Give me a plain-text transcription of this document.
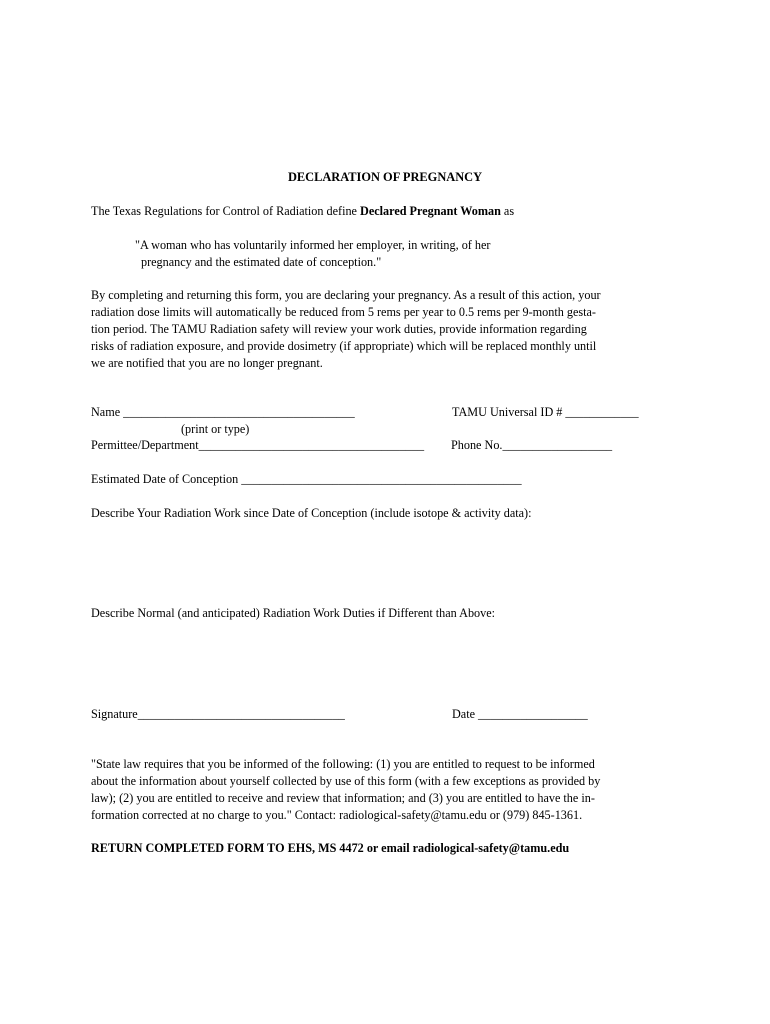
DECLARATION OF PREGNANCY
The Texas Regulations for Control of Radiation define Declared Pregnant Woman as
"A woman who has voluntarily informed her employer, in writing, of her
pregnancy and the estimated date of conception."
By completing and returning this form, you are declaring your pregnancy. As a result of this action, your
radiation dose limits will automatically be reduced from 5 rems per year to 0.5 rems per 9-month gesta-
tion period. The TAMU Radiation safety will review your work duties, provide information regarding
risks of radiation exposure, and provide dosimetry (if appropriate) which will be replaced monthly until
we are notified that you are no longer pregnant.
Name ______________________________________	TAMU Universal ID # ____________
(print or type)
Permittee/Department_____________________________________ Phone No.__________________
Estimated Date of Conception ______________________________________________
Describe Your Radiation Work since Date of Conception (include isotope & activity data):
Describe Normal (and anticipated) Radiation Work Duties if Different than Above:
Signature__________________________________	Date __________________
"State law requires that you be informed of the following: (1) you are entitled to request to be informed
about the information about yourself collected by use of this form (with a few exceptions as provided by
law); (2) you are entitled to receive and review that information; and (3) you are entitled to have the in-
formation corrected at no charge to you." Contact: radiological-safety@tamu.edu or (979) 845-1361.
RETURN COMPLETED FORM TO EHS, MS 4472 or email radiological-safety@tamu.edu
